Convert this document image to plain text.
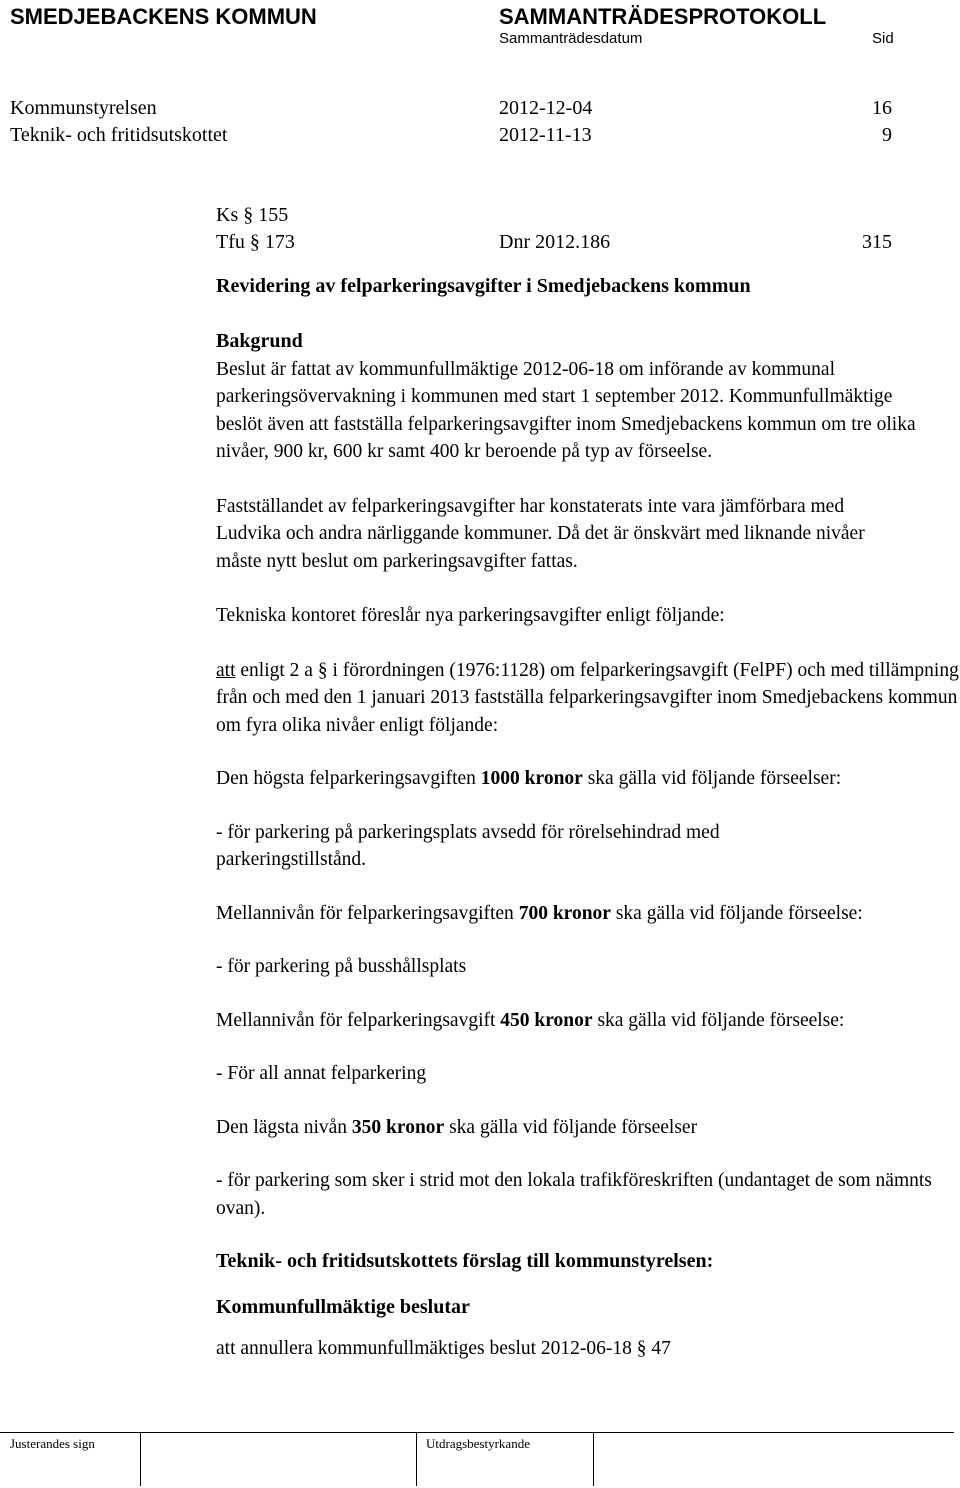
SMEDJEBACKENS KOMMUN	SAMMANTRÄDESPROTOKOLL
Sammanträdesdatum	Sid
Kommunstyrelsen	2012-12-04	16
Teknik- och fritidsutskottet	2012-11-13	9
Ks § 155
Tfu § 173	Dnr 2012.186	315
Revidering av felparkeringsavgifter i Smedjebackens kommun
Bakgrund
Beslut är fattat av kommunfullmäktige 2012-06-18 om införande av kommunal parkeringsövervakning i kommunen med start 1 september 2012. Kommunfullmäktige beslöt även att fastställa felparkeringsavgifter inom Smedjebackens kommun om tre olika nivåer, 900 kr, 600 kr samt 400 kr beroende på typ av förseelse.
Fastställandet av felparkeringsavgifter har konstaterats inte vara jämförbara med Ludvika och andra närliggande kommuner. Då det är önskvärt med liknande nivåer måste nytt beslut om parkeringsavgifter fattas.
Tekniska kontoret föreslår nya parkeringsavgifter enligt följande:
att enligt 2 a § i förordningen (1976:1128) om felparkeringsavgift (FelPF) och med tillämpning från och med den 1 januari 2013 fastställa felparkeringsavgifter inom Smedjebackens kommun om fyra olika nivåer enligt följande:
Den högsta felparkeringsavgiften 1000 kronor ska gälla vid följande förseelser:
- för parkering på parkeringsplats avsedd för rörelsehindrad med parkeringstillstånd.
Mellannivån för felparkeringsavgiften 700 kronor ska gälla vid följande förseelse:
- för parkering på busshållsplats
Mellannivån för felparkeringsavgift 450 kronor ska gälla vid följande förseelse:
- För all annat felparkering
Den lägsta nivån 350 kronor ska gälla vid följande förseelser
- för parkering som sker i strid mot den lokala trafikföreskriften (undantaget de som nämnts ovan).
Teknik- och fritidsutskottets förslag till kommunstyrelsen:
Kommunfullmäktige beslutar
att annullera kommunfullmäktiges beslut 2012-06-18 § 47
Justerandes sign	Utdragsbestyrkande
